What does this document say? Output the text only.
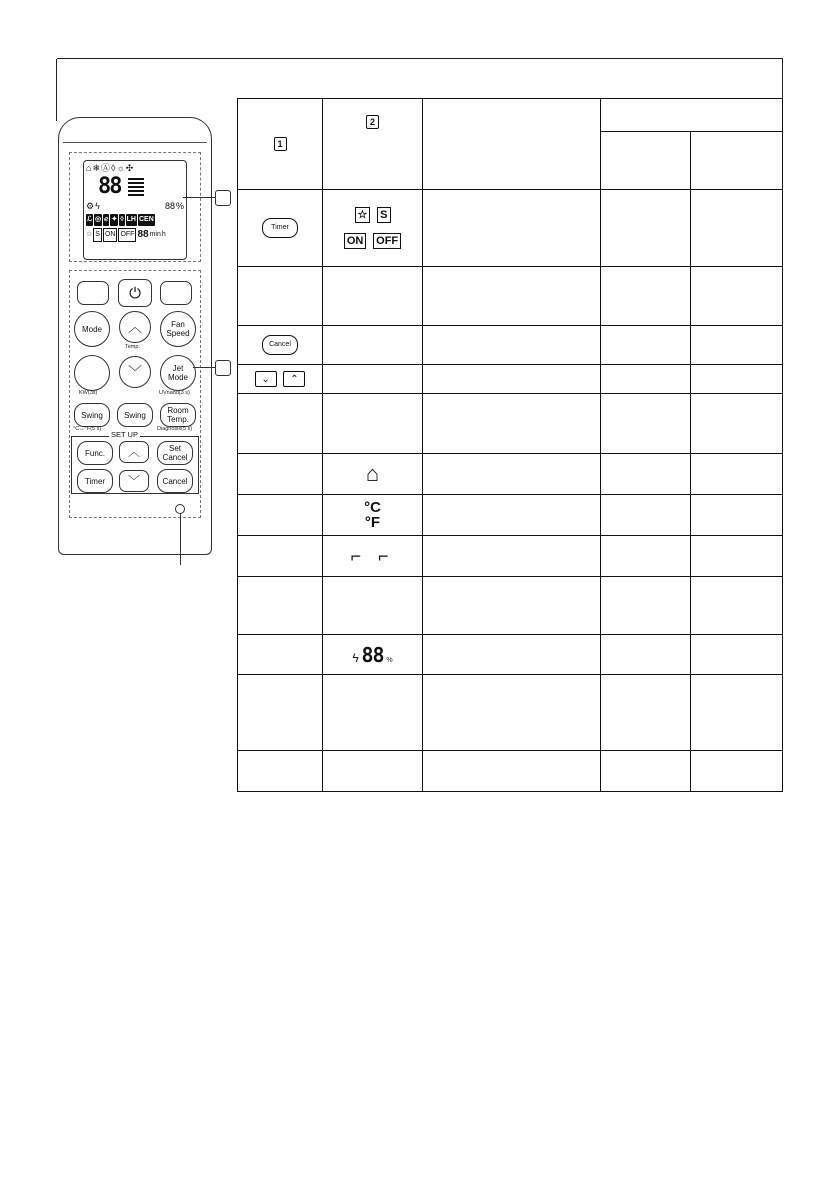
⌂ ❄ Ⓐ ◊ ☼ ✣
88
⚙ ϟ	88 %
ℒ ◎ ℯ ✦ ◊ LH CEN
☆ S ON OFF 88 min h
⏻
Mode ︿	Fan
Speed
Temp.
﹀	Jet
Mode
KW(3s)	UVnano(3 s)
Swing	Swing	Room
Temp.
°C↔°F(5 s)	Diagnosis(5 s)
SET UP
Func. ︿	Set
Cancel
Timer ﹀	Cancel
1	2			

Timer	☆ S
ON OFF			

Cancel				

⌄ ⌃				

	⌂			

	°C
°F			

	⌐ ⌐			

	ϟ 88 %			
